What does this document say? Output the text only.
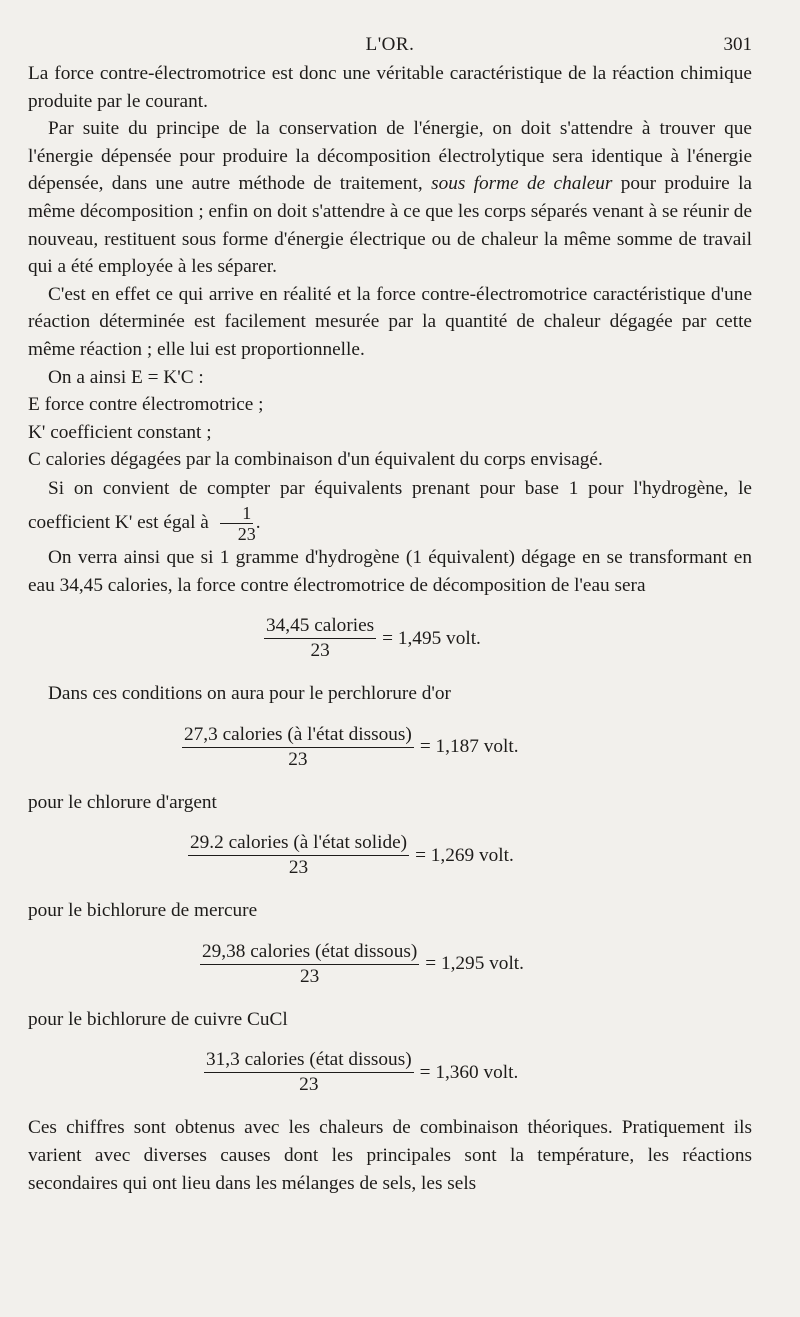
L'OR.	301

La force contre-électromotrice est donc une véritable caractéristique de la réaction chimique produite par le courant.

Par suite du principe de la conservation de l'énergie, on doit s'attendre à trouver que l'énergie dépensée pour produire la décomposition électrolytique sera identique à l'énergie dépensée, dans une autre méthode de traitement, sous forme de chaleur pour produire la même décomposition ; enfin on doit s'attendre à ce que les corps séparés venant à se réunir de nouveau, restituent sous forme d'énergie électrique ou de chaleur la même somme de travail qui a été employée à les séparer.

C'est en effet ce qui arrive en réalité et la force contre-électromotrice caractéristique d'une réaction déterminée est facilement mesurée par la quantité de chaleur dégagée par cette même réaction ; elle lui est proportionnelle.

On a ainsi E = K'C :

E force contre électromotrice ;

K' coefficient constant ;

C calories dégagées par la combinaison d'un équivalent du corps envisagé.

Si on convient de compter par équivalents prenant pour base 1 pour l'hydrogène, le coefficient K' est égal à $\frac{1}{23}$ .

On verra ainsi que si 1 gramme d'hydrogène (1 équivalent) dégage en se transformant en eau 34,45 calories, la force contre électromotrice de décomposition de l'eau sera

$\frac{\text{34,45 calories}}{23} = 1,495$ volt.

Dans ces conditions on aura pour le perchlorure d'or

$\frac{\text{27,3 calories (à l'état dissous)}}{23} = 1,187$ volt.

pour le chlorure d'argent

$\frac{\text{29.2 calories (à l'état solide)}}{23} = 1,269$ volt.

pour le bichlorure de mercure

$\frac{\text{29,38 calories (état dissous)}}{23} = 1,295$ volt.

pour le bichlorure de cuivre CuCl

$\frac{\text{31,3 calories (état dissous)}}{23} = 1,360$ volt.

Ces chiffres sont obtenus avec les chaleurs de combinaison théoriques. Pratiquement ils varient avec diverses causes dont les principales sont la température, les réactions secondaires qui ont lieu dans les mélanges de sels, les sels
